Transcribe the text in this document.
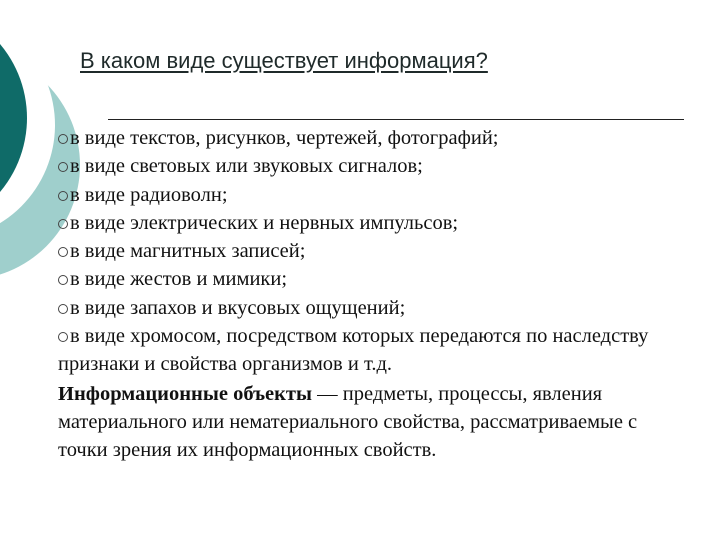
В каком виде существует информация?
в виде текстов, рисунков, чертежей, фотографий;
в виде световых или звуковых сигналов;
в виде радиоволн;
в виде электрических и нервных импульсов;
в виде магнитных записей;
в виде жестов и мимики;
в виде запахов и вкусовых ощущений;
в виде хромосом, посредством которых передаются по наследству признаки и свойства организмов и т.д.
Информационные объекты — предметы, процессы, явления материального или нематериального свойства, рассматриваемые с точки зрения их информационных свойств.
